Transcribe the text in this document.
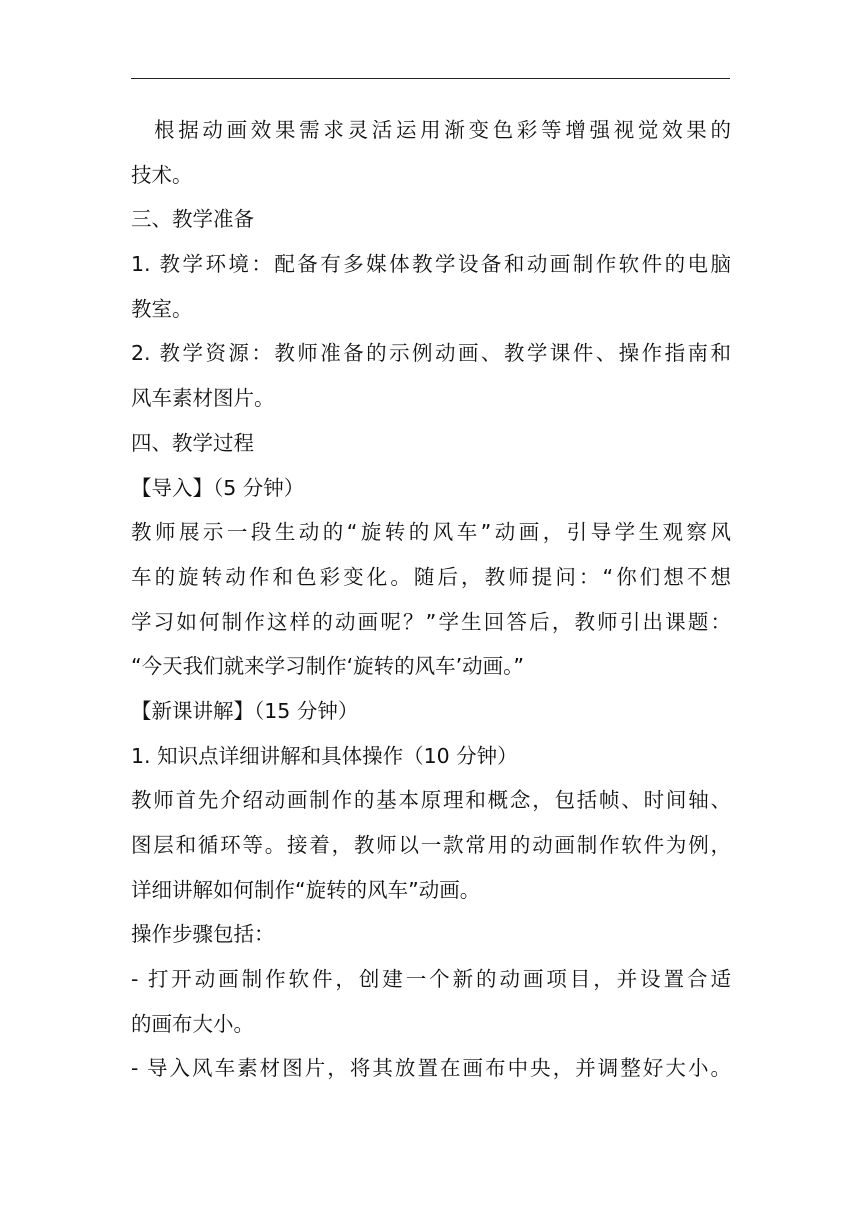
根据动画效果需求灵活运用渐变色彩等增强视觉效果的
技术。
三、教学准备
1. 教学环境：配备有多媒体教学设备和动画制作软件的电脑
教室。
2. 教学资源：教师准备的示例动画、教学课件、操作指南和
风车素材图片。
四、教学过程
【导入】（5 分钟）
教师展示一段生动的“旋转的风车”动画，引导学生观察风
车的旋转动作和色彩变化。随后，教师提问：“你们想不想
学习如何制作这样的动画呢？”学生回答后，教师引出课题：
“今天我们就来学习制作‘旋转的风车’动画。”
【新课讲解】（15 分钟）
1. 知识点详细讲解和具体操作（10 分钟）
教师首先介绍动画制作的基本原理和概念，包括帧、时间轴、
图层和循环等。接着，教师以一款常用的动画制作软件为例，
详细讲解如何制作“旋转的风车”动画。
操作步骤包括：
- 打开动画制作软件，创建一个新的动画项目，并设置合适
的画布大小。
- 导入风车素材图片，将其放置在画布中央，并调整好大小。
